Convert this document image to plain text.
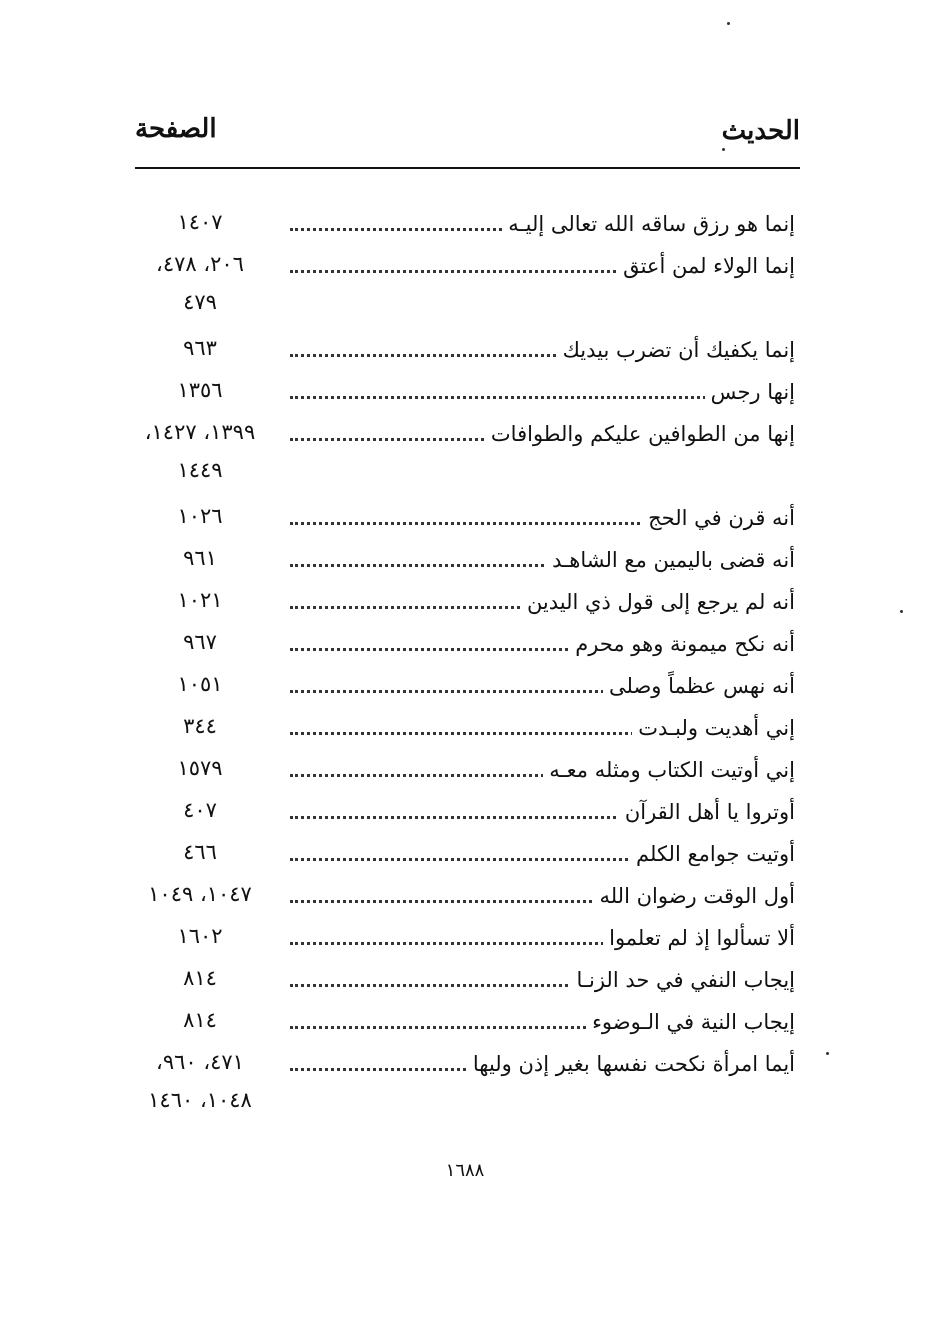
الحديث
الصفحة
إنما هو رزق ساقه الله تعالى إليـه
١٤٠٧
إنما الولاء لمن أعتق
٢٠٦، ٤٧٨،
٤٧٩
إنما يكفيك أن تضرب بيديك
٩٦٣
إنها رجس
١٣٥٦
إنها من الطوافين عليكم والطوافات
١٣٩٩، ١٤٢٧،
١٤٤٩
أنه قرن في الحج
١٠٢٦
أنه قضى باليمين مع الشاهـد
٩٦١
أنه لم يرجع إلى قول ذي اليدين
١٠٢١
أنه نكح ميمونة وهو محرم
٩٦٧
أنه نهس عظماً وصلى
١٠٥١
إني أهديت ولبـدت
٣٤٤
إني أوتيت الكتاب ومثله معـه
١٥٧٩
أوتروا يا أهل القرآن
٤٠٧
أوتيت جوامع الكلم
٤٦٦
أول الوقت رضوان الله
١٠٤٧، ١٠٤٩
ألا تسألوا إذ لم تعلموا
١٦٠٢
إيجاب النفي في حد الزنـا
٨١٤
إيجاب النية في الـوضوء
٨١٤
أيما امرأة نكحت نفسها بغير إذن وليها
٤٧١، ٩٦٠،
١٠٤٨، ١٤٦٠
١٦٨٨
